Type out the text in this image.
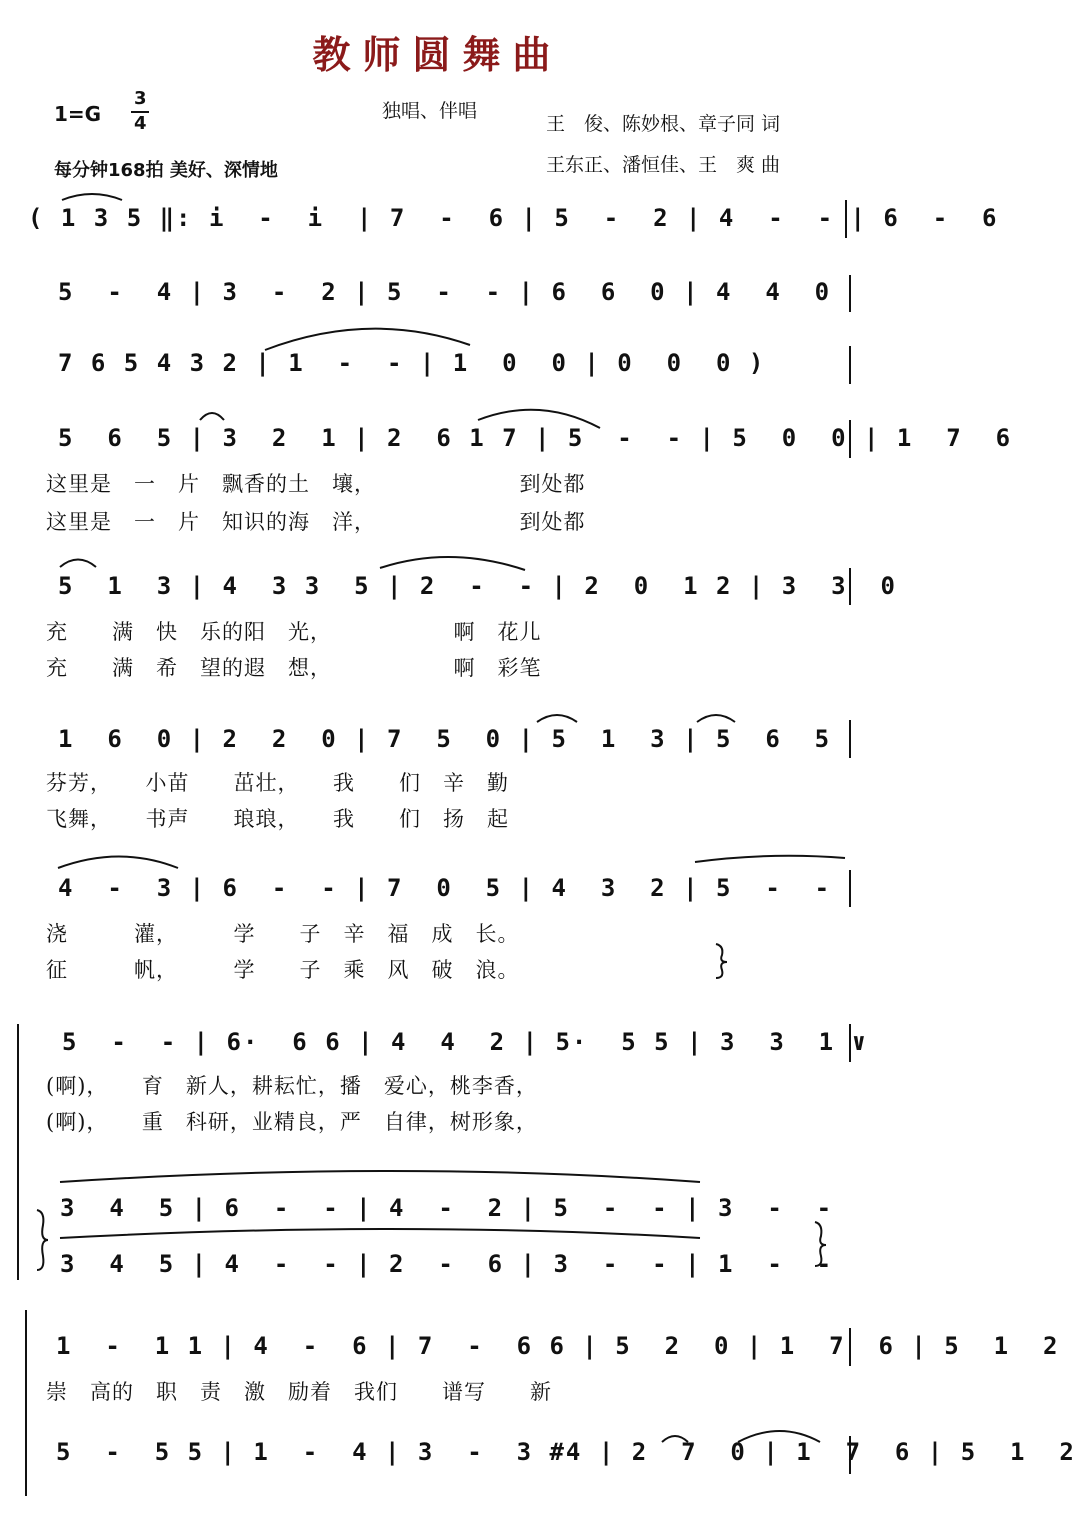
教师圆舞曲
1=G
3
4
独唱、伴唱
王　俊、陈妙根、章子同 词
每分钟168拍 美好、深情地	王东正、潘恒佳、王　爽 曲
( 1 3 5 ‖: i  -  i  | 7  -  6 | 5  -  2 | 4  -  - | 6  -  6
5  -  4 | 3  -  2 | 5  -  - | 6  6  0 | 4  4  0
7 6 5 4 3 2 | 1  -  - | 1  0  0 | 0  0  0 )
5  6  5 | 3  2  1 | 2  6 1 7 | 5  -  - | 5  0  0 | 1  7  6
这里是　一　片　飘香的土　壤，　　　　　　　到处都
这里是　一　片　知识的海　洋，　　　　　　　到处都
5  1  3 | 4  3 3  5 | 2  -  - | 2  0  1 2 | 3  3  0
充　　满　快　乐的阳　光，　　　　　　啊　花儿
充　　满　希　望的遐　想，　　　　　　啊　彩笔
1  6  0 | 2  2  0 | 7  5  0 | 5  1  3 | 5  6  5
芬芳，　　小苗　　茁壮，　　我　　们　辛　勤
飞舞，　　书声　　琅琅，　　我　　们　扬　起
4  -  3 | 6  -  - | 7  0  5 | 4  3  2 | 5  -  -
浇　　　灌，　　　学　　子　辛　福　成　长。
征　　　帆，　　　学　　子　乘　风　破　浪。
5  -  - | 6·  6 6 | 4  4  2 | 5·  5 5 | 3  3  1 ∨
(啊)，　　育　新人，耕耘忙，播　爱心，桃李香，
(啊)，　　重　科研，业精良，严　自律，树形象，
3  4  5 | 6  -  - | 4  -  2 | 5  -  - | 3  -  -
3  4  5 | 4  -  - | 2  -  6 | 3  -  - | 1  -  -
1  -  1 1 | 4  -  6 | 7  -  6 6 | 5  2  0 | 1  7  6 | 5  1  2
崇　高的　职　责　激　励着　我们　　谱写　　新
5  -  5 5 | 1  -  4 | 3  -  3 #4 | 2  7  0 | 1  7  6 | 5  1  2
